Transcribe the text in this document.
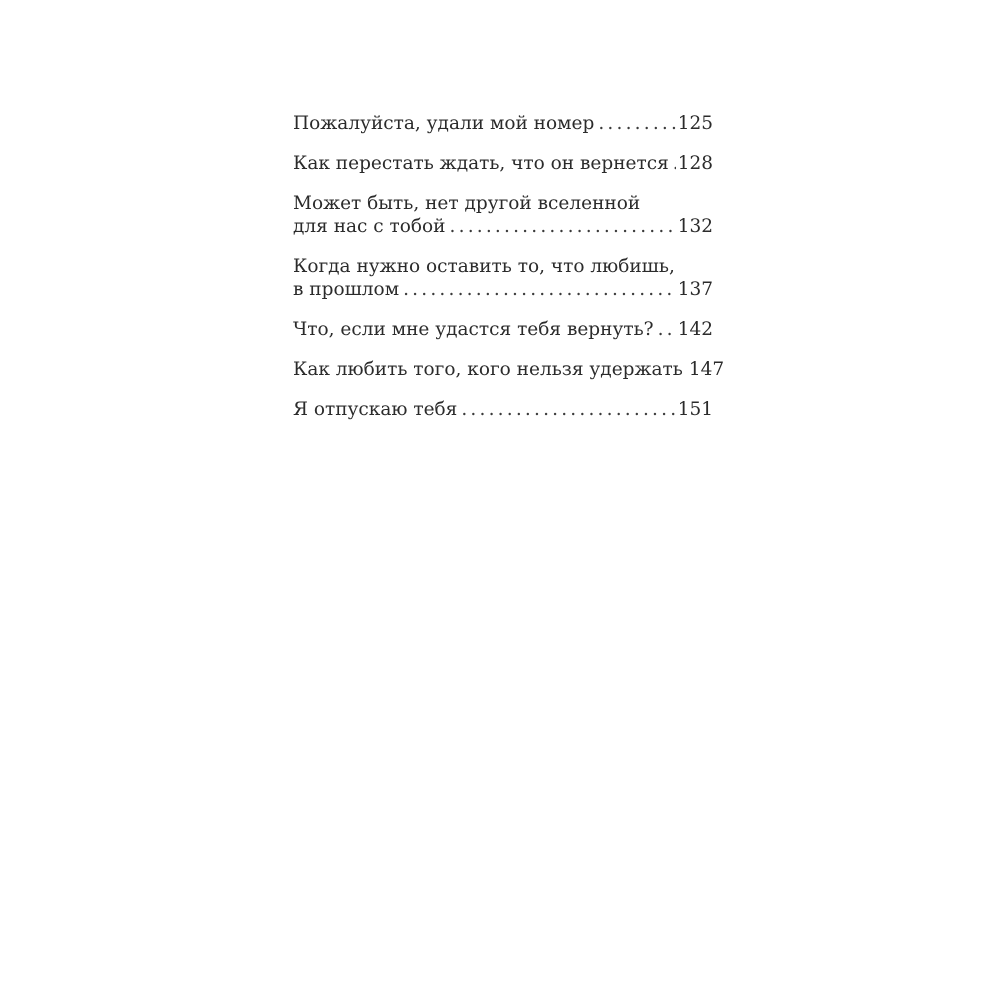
Пожалуйста, удали мой номер .....	125
Как перестать ждать, что он вернется ..... 128
Может быть, нет другой вселенной
для нас с тобой .....	132
Когда нужно оставить то, что любишь,
в прошлом .....	137
Что, если мне удастся тебя вернуть? ..... 142
Как любить того, кого нельзя удержать 147
Я отпускаю тебя .....	151
